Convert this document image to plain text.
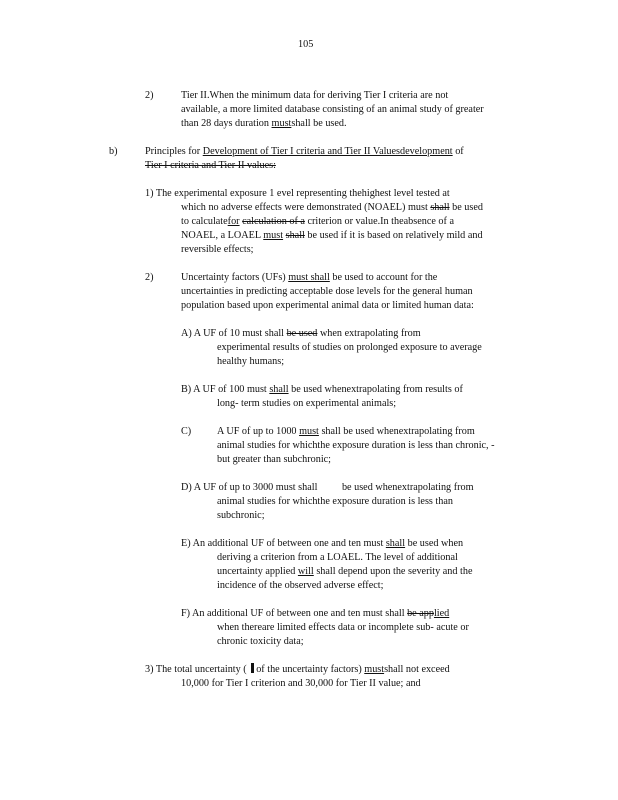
105
2)	Tier II.When the minimum data for deriving Tier I criteria are not
available, a more limited database consisting of an animal study of greater
than 28 days duration mustshall be used.
b)	Principles for Development of Tier I criteria and Tier II Valuesdevelopment of
Tier I criteria and Tier II values:
1) The experimental exposure 1 evel representing thehighest level tested at
which no adverse effects were demonstrated (NOAEL) must shall be used
to calculatefor calculation of a criterion or value.In theabsence of a
NOAEL, a LOAEL must shall be used if it is based on relatively mild and
reversible effects;
2)	Uncertainty factors (UFs) must shall be used to account for the
uncertainties in predicting acceptable dose levels for the general human
population based upon experimental animal data or limited human data:
A) A UF of 10 must shall be used when extrapolating from
experimental results of studies on prolonged exposure to average
healthy humans;
B) A UF of 100 must shall be used whenextrapolating from results of
long- term studies on experimental animals;
C)	A UF of up to 1000 must shall be used whenextrapolating from
animal studies for whichthe exposure duration is less than chronic, -
but greater than subchronic;
D) A UF of up to 3000 must shall be used whenextrapolating from
animal studies for whichthe exposure duration is less than
subchronic;
E) An additional UF of between one and ten must shall be used when
deriving a criterion from a LOAEL. The level of additional
uncertainty applied will shall depend upon the severity and the
incidence of the observed adverse effect;
F) An additional UF of between one and ten must shall be applied
when thereare limited effects data or incomplete sub- acute or
chronic toxicity data;
3) The total uncertainty ( of the uncertainty factors) mustshall not exceed
10,000 for Tier I criterion and 30,000 for Tier II value; and
